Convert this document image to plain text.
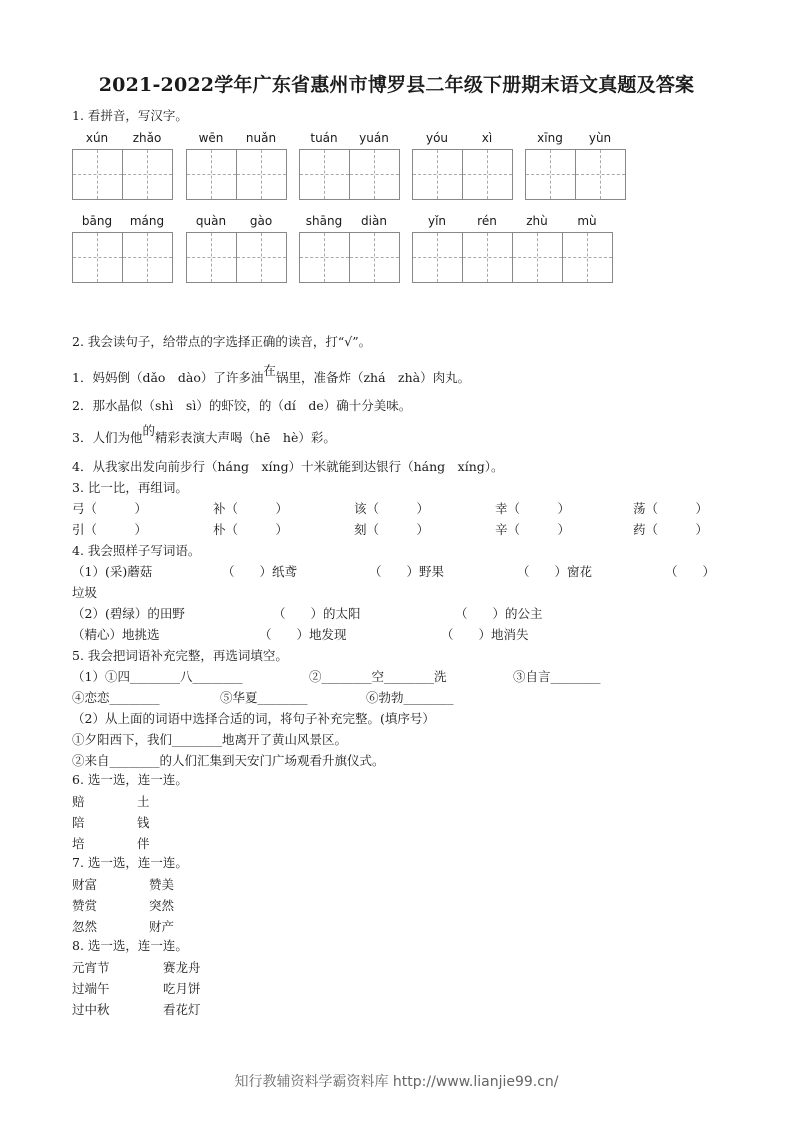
2021-2022学年广东省惠州市博罗县二年级下册期末语文真题及答案
1. 看拼音，写汉字。
xún	zhǎo	wēn	nuǎn	tuán	yuán	yóu	xì	xīng	yùn
bāng	máng	quàn	gào	shāng	diàn	yǐn	rén	zhù	mù
2. 我会读句子，给带点的字选择正确的读音，打“√”。
1．妈妈倒（dǎo　dào）了许多油在锅里，准备炸（zhá　zhà）肉丸。
2．那水晶似（shì　sì）的虾饺，的（dí　de）确十分美味。
3．人们为他的精彩表演大声喝（hē　hè）彩。
4．从我家出发向前步行（háng　xíng）十米就能到达银行（háng　xíng）。
3. 比一比，再组词。
弓（　　　）	补（　　　）	该（　　　）	幸（　　　）	荡（　　　）
引（　　　）	朴（　　　）	刻（　　　）	辛（　　　）	药（　　　）
4. 我会照样子写词语。
（1）(采)蘑菇	（　　）纸鸢	（　　）野果	（　　）窗花	（　　）
垃圾
（2）(碧绿）的田野	（　　）的太阳	（　　）的公主
（精心）地挑选	（　　）地发现	（　　）地消失
5. 我会把词语补充完整，再选词填空。
（1）①四________八________	②________空________洗	③自言________
④恋恋________	⑤华夏________	⑥勃勃________
（2）从上面的词语中选择合适的词，将句子补充完整。(填序号）
①夕阳西下，我们________地离开了黄山风景区。
②来自________的人们汇集到天安门广场观看升旗仪式。
6. 选一选，连一连。
赔	土
陪	钱
培	伴
7. 选一选，连一连。
财富	赞美
赞赏	突然
忽然	财产
8. 选一选，连一连。
元宵节	赛龙舟
过端午	吃月饼
过中秋	看花灯
知行教辅资料学霸资料库 http://www.lianjie99.cn/
